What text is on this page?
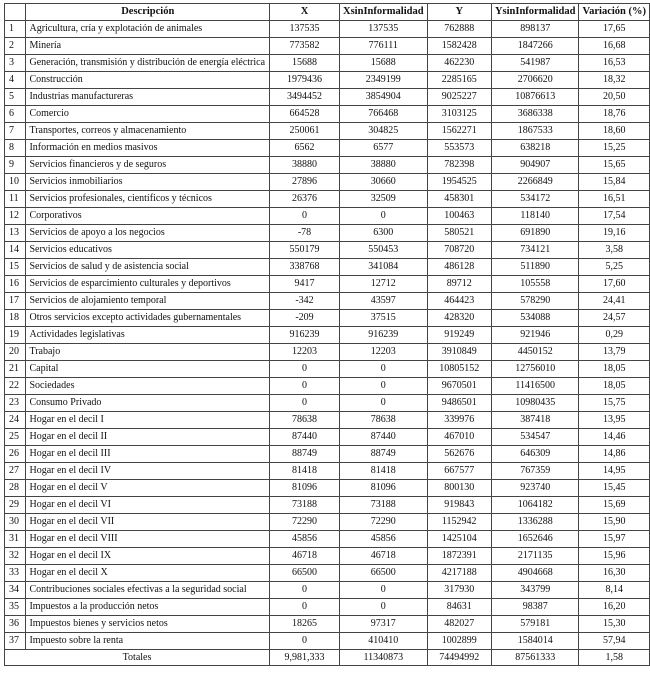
	Descripción	X	XsinInformalidad	Y	YsinInformalidad	Variación (%)
1	Agricultura, cría y explotación de animales	137535	137535	762888	898137	17,65
2	Minería	773582	776111	1582428	1847266	16,68
3	Generación, transmisión y distribución de energía eléctrica	15688	15688	462230	541987	16,53
4	Construcción	1979436	2349199	2285165	2706620	18,32
5	Industrias manufactureras	3494452	3854904	9025227	10876613	20,50
6	Comercio	664528	766468	3103125	3686338	18,76
7	Transportes, correos y almacenamiento	250061	304825	1562271	1867533	18,60
8	Información en medios masivos	6562	6577	553573	638218	15,25
9	Servicios financieros y de seguros	38880	38880	782398	904907	15,65
10	Servicios inmobiliarios	27896	30660	1954525	2266849	15,84
11	Servicios profesionales, científicos y técnicos	26376	32509	458301	534172	16,51
12	Corporativos	0	0	100463	118140	17,54
13	Servicios de apoyo a los negocios	-78	6300	580521	691890	19,16
14	Servicios educativos	550179	550453	708720	734121	3,58
15	Servicios de salud y de asistencia social	338768	341084	486128	511890	5,25
16	Servicios de esparcimiento culturales y deportivos	9417	12712	89712	105558	17,60
17	Servicios de alojamiento temporal	-342	43597	464423	578290	24,41
18	Otros servicios excepto actividades gubernamentales	-209	37515	428320	534088	24,57
19	Actividades legislativas	916239	916239	919249	921946	0,29
20	Trabajo	12203	12203	3910849	4450152	13,79
21	Capital	0	0	10805152	12756010	18,05
22	Sociedades	0	0	9670501	11416500	18,05
23	Consumo Privado	0	0	9486501	10980435	15,75
24	Hogar en el decil I	78638	78638	339976	387418	13,95
25	Hogar en el decil II	87440	87440	467010	534547	14,46
26	Hogar en el decil III	88749	88749	562676	646309	14,86
27	Hogar en el decil IV	81418	81418	667577	767359	14,95
28	Hogar en el decil V	81096	81096	800130	923740	15,45
29	Hogar en el decil VI	73188	73188	919843	1064182	15,69
30	Hogar en el decil VII	72290	72290	1152942	1336288	15,90
31	Hogar en el decil VIII	45856	45856	1425104	1652646	15,97
32	Hogar en el decil IX	46718	46718	1872391	2171135	15,96
33	Hogar en el decil X	66500	66500	4217188	4904668	16,30
34	Contribuciones sociales efectivas a la seguridad social	0	0	317930	343799	8,14
35	Impuestos a la producción netos	0	0	84631	98387	16,20
36	Impuestos bienes y servicios netos	18265	97317	482027	579181	15,30
37	Impuesto sobre la renta	0	410410	1002899	1584014	57,94
Totales		9,981,333	11340873	74494992	87561333	1,58
